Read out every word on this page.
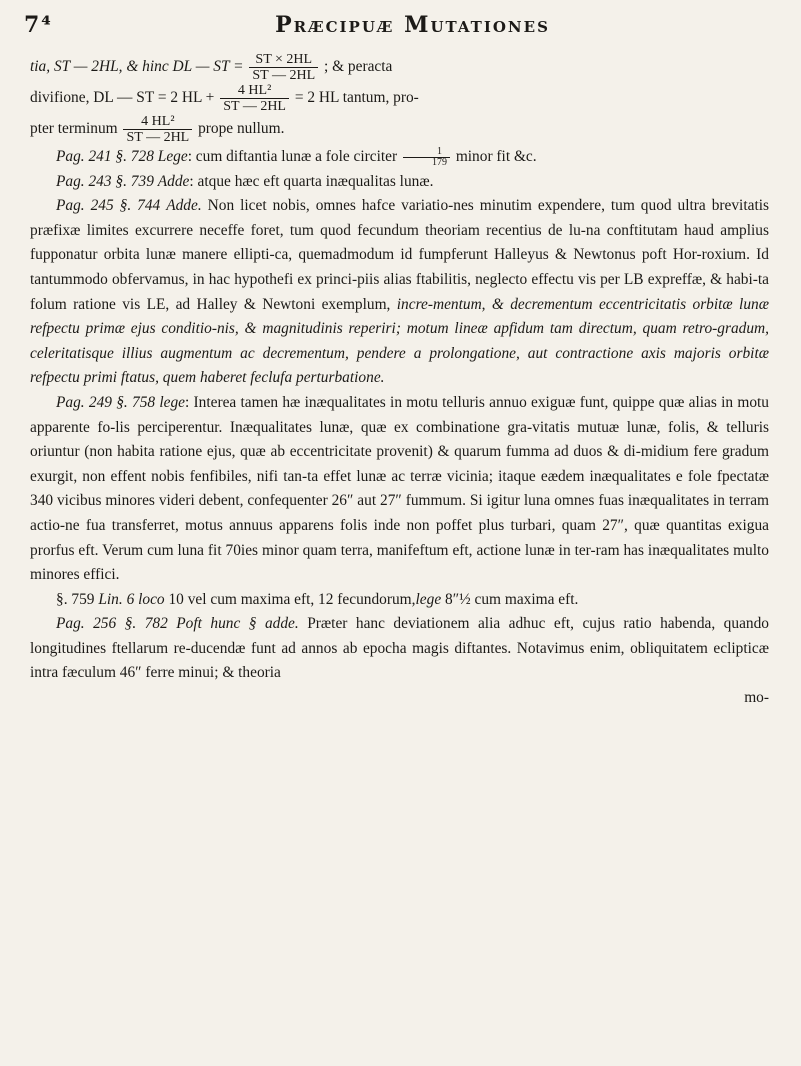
7⁴	Præcipuæ Mutationes

tia, ST — 2HL, & hinc DL — ST = $\frac{ST \times 2HL}{ST — 2HL}$ ; & peracta
divifione, DL — ST = 2 HL + $\frac{\text{4 HL²}}{ST — 2HL} = 2$ HL tantum, pro-
pter terminum $\frac{\text{4 HL²}}{ST — 2HL}$ prope nullum.

Pag. 241 §. 728 Lege: cum diftantia lunæ a fole circiter $\frac{1}{179}$ minor fit &c.

Pag. 243 §. 739 Adde: atque hæc eft quarta inæqualitas lunæ.

Pag. 245 §. 744 Adde. Non licet nobis, omnes hafce variatio-nes minutim expendere, tum quod ultra brevitatis præfixæ limites excurrere neceffe foret, tum quod fecundum theoriam recentius de lu-na conftitutam haud amplius fupponatur orbita lunæ manere ellipti-ca, quemadmodum id fumpferunt Halleyus & Newtonus poft Hor-roxium. Id tantummodo obfervamus, in hac hypothefi ex princi-piis alias ftabilitis, neglecto effectu vis per LB expreffæ, & habi-ta folum ratione vis LE, ad Halley & Newtoni exemplum, incre-mentum, & decrementum eccentricitatis orbitæ lunæ refpectu primæ ejus conditio-nis, & magnitudinis reperiri; motum lineæ apfidum tam directum, quam retro-gradum, celeritatisque illius augmentum ac decrementum, pendere a prolongatione, aut contractione axis majoris orbitæ refpectu primi ftatus, quem haberet feclufa perturbatione.

Pag. 249 §. 758 lege: Interea tamen hæ inæqualitates in motu telluris annuo exiguæ funt, quippe quæ alias in motu apparente fo-lis perciperentur. Inæqualitates lunæ, quæ ex combinatione gra-vitatis mutuæ lunæ, folis, & telluris oriuntur (non habita ratione ejus, quæ ab eccentricitate provenit) & quarum fumma ad duos & di-midium fere gradum exurgit, non effent nobis fenfibiles, nifi tan-ta effet lunæ ac terræ vicinia; itaque eædem inæqualitates e fole fpectatæ 340 vicibus minores videri debent, confequenter 26″ aut 27″ fummum. Si igitur luna omnes fuas inæqualitates in terram actio-ne fua transferret, motus annuus apparens folis inde non poffet plus turbari, quam 27″, quæ quantitas exigua prorfus eft. Verum cum luna fit 70ies minor quam terra, manifeftum eft, actione lunæ in ter-ram has inæqualitates multo minores effici.

§. 759 Lin. 6 loco 10 vel cum maxima eft, 12 fecundorum,lege 8″½ cum maxima eft.

Pag. 256 §. 782 Poft hunc § adde. Præter hanc deviationem alia adhuc eft, cujus ratio habenda, quando longitudines ftellarum re-ducendæ funt ad annos ab epocha magis diftantes. Notavimus enim, obliquitatem eclipticæ intra fæculum 46″ ferre minui; & theoria

mo-
